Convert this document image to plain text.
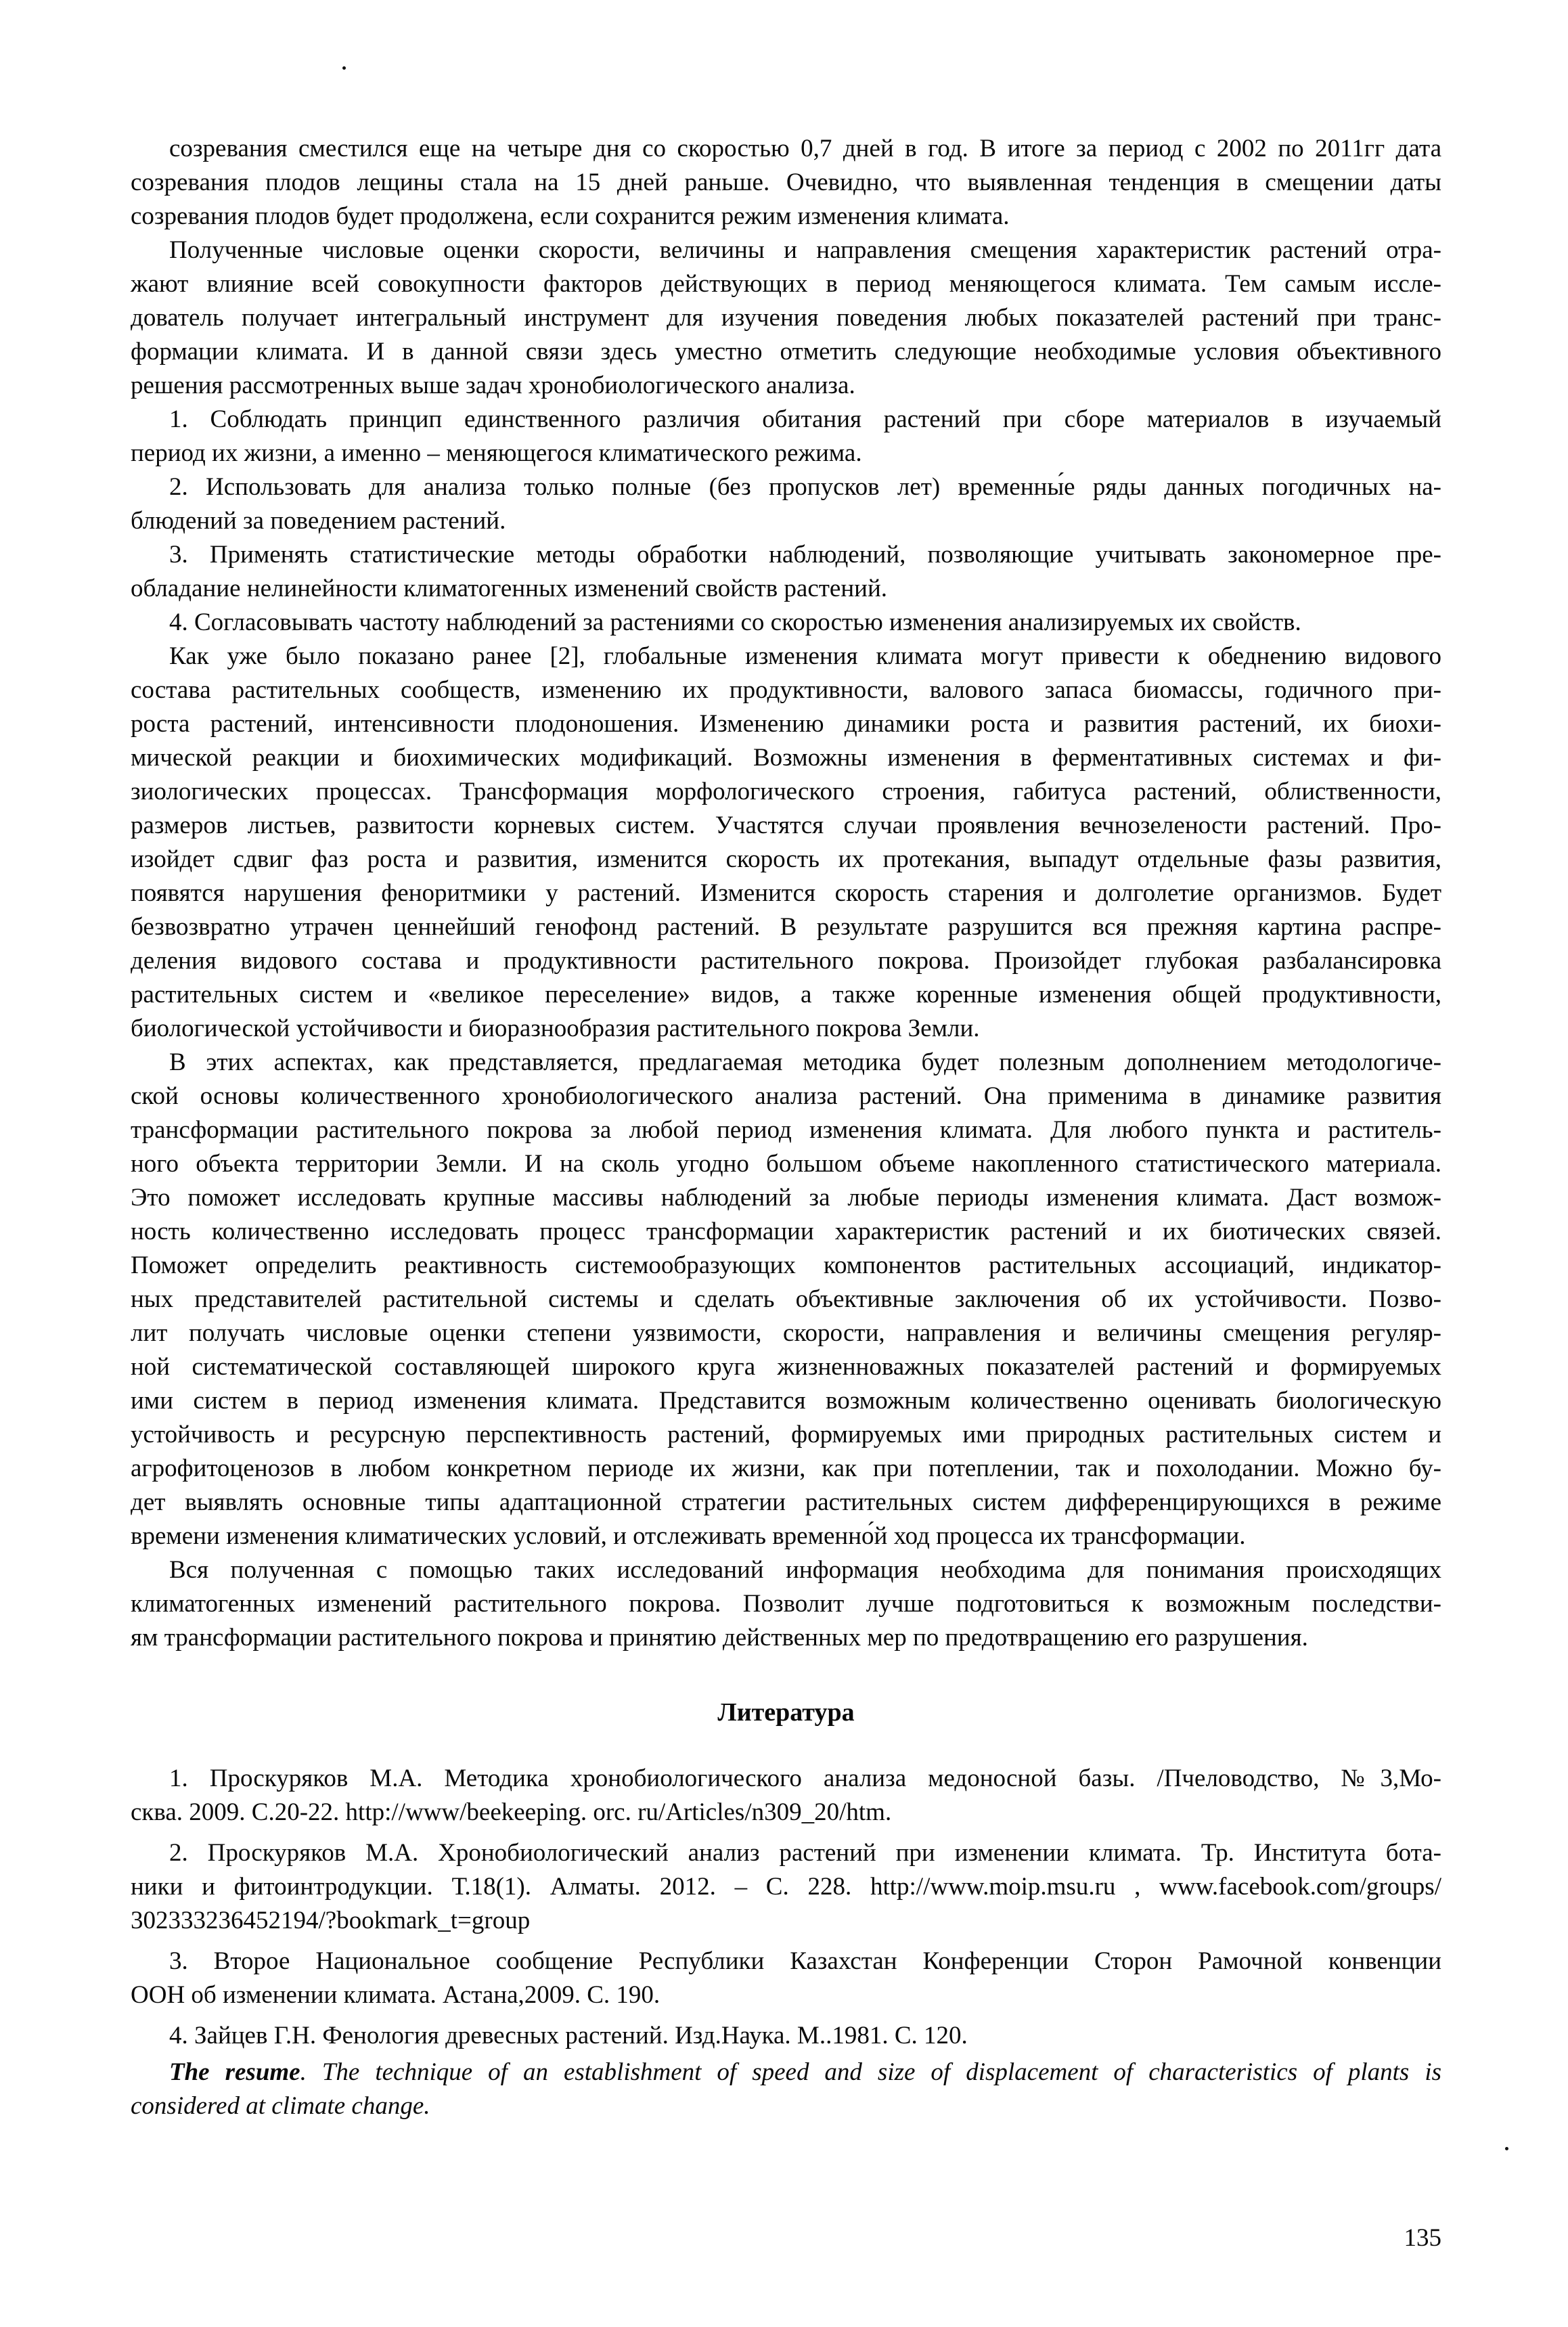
созревания сместился еще на четыре дня со скоростью 0,7 дней в год. В итоге за период с 2002 по 2011гг дата
созревания плодов лещины стала на 15 дней раньше. Очевидно, что выявленная тенденция в смещении даты
созревания плодов будет продолжена, если сохранится режим изменения климата.
Полученные числовые оценки скорости, величины и направления смещения характеристик растений отра-
жают влияние всей совокупности факторов действующих в период меняющегося климата. Тем самым иссле-
дователь получает интегральный инструмент для изучения поведения любых показателей растений при транс-
формации климата. И в данной связи здесь уместно отметить следующие необходимые условия объективного
решения рассмотренных выше задач хронобиологического анализа.
1. Соблюдать принцип единственного различия обитания растений при сборе материалов в изучаемый
период их жизни, а именно – меняющегося климатического режима.
2. Использовать для анализа только полные (без пропусков лет) временны́е ряды данных погодичных на-
блюдений за поведением растений.
3. Применять статистические методы обработки наблюдений, позволяющие учитывать закономерное пре-
обладание нелинейности климатогенных изменений свойств растений.
4. Согласовывать частоту наблюдений за растениями со скоростью изменения анализируемых их свойств.
Как уже было показано ранее [2], глобальные изменения климата могут привести к обеднению видового
состава растительных сообществ, изменению их продуктивности, валового запаса биомассы, годичного при-
роста растений, интенсивности плодоношения. Изменению динамики роста и развития растений, их биохи-
мической реакции и биохимических модификаций. Возможны изменения в ферментативных системах и фи-
зиологических процессах. Трансформация морфологического строения, габитуса растений, облиственности,
размеров листьев, развитости корневых систем. Участятся случаи проявления вечнозелености растений. Про-
изойдет сдвиг фаз роста и развития, изменится скорость их протекания, выпадут отдельные фазы развития,
появятся нарушения феноритмики у растений. Изменится скорость старения и долголетие организмов. Будет
безвозвратно утрачен ценнейший генофонд растений. В результате разрушится вся прежняя картина распре-
деления видового состава и продуктивности растительного покрова. Произойдет глубокая разбалансировка
растительных систем и «великое переселение» видов, а также коренные изменения общей продуктивности,
биологической устойчивости и биоразнообразия растительного покрова Земли.
В этих аспектах, как представляется, предлагаемая методика будет полезным дополнением методологиче-
ской основы количественного хронобиологического анализа растений. Она применима в динамике развития
трансформации растительного покрова за любой период изменения климата. Для любого пункта и раститель-
ного объекта территории Земли. И на сколь угодно большом объеме накопленного статистического материала.
Это поможет исследовать крупные массивы наблюдений за любые периоды изменения климата. Даст возмож-
ность количественно исследовать процесс трансформации характеристик растений и их биотических связей.
Поможет определить реактивность системообразующих компонентов растительных ассоциаций, индикатор-
ных представителей растительной системы и сделать объективные заключения об их устойчивости. Позво-
лит получать числовые оценки степени уязвимости, скорости, направления и величины смещения регуляр-
ной систематической составляющей широкого круга жизненноважных показателей растений и формируемых
ими систем в период изменения климата. Представится возможным количественно оценивать биологическую
устойчивость и ресурсную перспективность растений, формируемых ими природных растительных систем и
агрофитоценозов в любом конкретном периоде их жизни, как при потеплении, так и похолодании. Можно бу-
дет выявлять основные типы адаптационной стратегии растительных систем дифференцирующихся в режиме
времени изменения климатических условий, и отслеживать временно́й ход процесса их трансформации.
Вся полученная с помощью таких исследований информация необходима для понимания происходящих
климатогенных изменений растительного покрова. Позволит лучше подготовиться к возможным последстви-
ям трансформации растительного покрова и принятию действенных мер по предотвращению его разрушения.
Литература
1. Проскуряков М.А. Методика хронобиологического анализа медоносной базы. /Пчеловодство, №3,Мо-
сква. 2009. С.20-22. http://www/beekeeping. orc. ru/Articles/n309_20/htm.
2. Проскуряков М.А. Хронобиологический анализ растений при изменении климата. Тр. Института бота-
ники и фитоинтродукции. Т.18(1). Алматы. 2012. – С. 228. http://www.moip.msu.ru , www.facebook.com/groups/
302333236452194/?bookmark_t=group
3. Второе Национальное сообщение Республики Казахстан Конференции Сторон Рамочной конвенции
ООН об изменении климата. Астана,2009. С. 190.
4. Зайцев Г.Н. Фенология древесных растений. Изд.Наука. М..1981. С. 120.
The resume. The technique of an establishment of speed and size of displacement of characteristics of plants is
considered at climate change.
135
